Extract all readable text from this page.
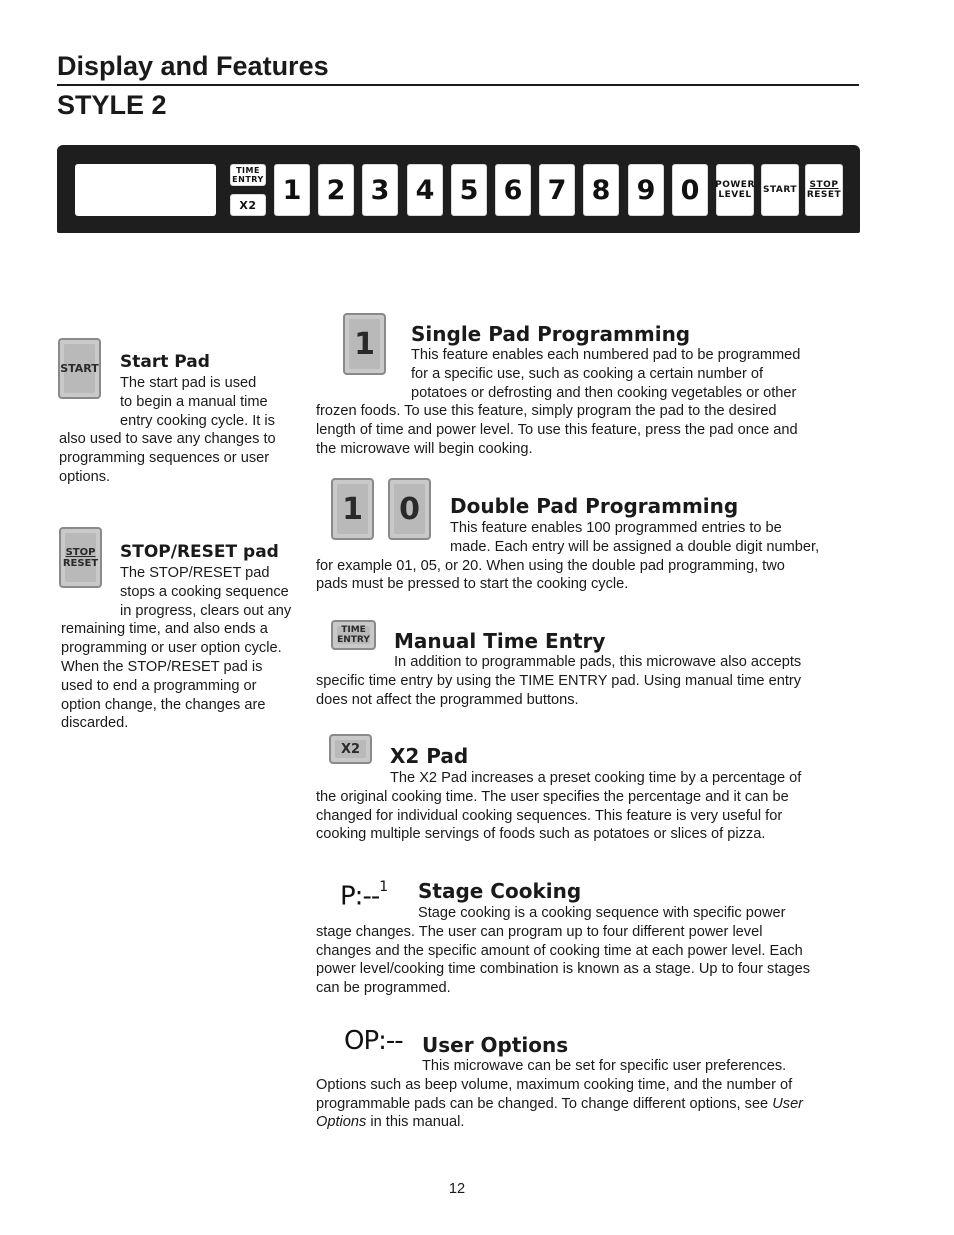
Display and Features
STYLE 2
TIME
ENTRY
X2 1 2 3 4 5 6 7 8 9 0	POWER
LEVEL	START	STOP
RESET
START Start Pad
The start pad is used
to begin a manual time
entry cooking cycle. It is
also used to save any changes to
programming sequences or user
options.
STOP
RESET
STOP/RESET pad
The STOP/RESET pad
stops a cooking sequence
in progress, clears out any
remaining time, and also ends a
programming or user option cycle.
When the STOP/RESET pad is
used to end a programming or
option change, the changes are
discarded.
1 Single Pad Programming
This feature enables each numbered pad to be programmed
for a specific use, such as cooking a certain number of
potatoes or defrosting and then cooking vegetables or other
frozen foods. To use this feature, simply program the pad to the desired
length of time and power level. To use this feature, press the pad once and
the microwave will begin cooking.
1 0 Double Pad Programming
This feature enables 100 programmed entries to be
made. Each entry will be assigned a double digit number,
for example 01, 05, or 20. When using the double pad programming, two
pads must be pressed to start the cooking cycle.
TIME
ENTRY Manual Time Entry
In addition to programmable pads, this microwave also accepts
specific time entry by using the TIME ENTRY pad. Using manual time entry
does not affect the programmed buttons.
X2 X2 Pad
The X2 Pad increases a preset cooking time by a percentage of
the original cooking time. The user specifies the percentage and it can be
changed for individual cooking sequences. This feature is very useful for
cooking multiple servings of foods such as potatoes or slices of pizza.
P:--$^1$ Stage Cooking
Stage cooking is a cooking sequence with specific power
stage changes. The user can program up to four different power level
changes and the specific amount of cooking time at each power level. Each
power level/cooking time combination is known as a stage. Up to four stages
can be programmed.
OP:-- User Options
This microwave can be set for specific user preferences.
Options such as beep volume, maximum cooking time, and the number of
programmable pads can be changed. To change different options, see User
Options in this manual.
12
